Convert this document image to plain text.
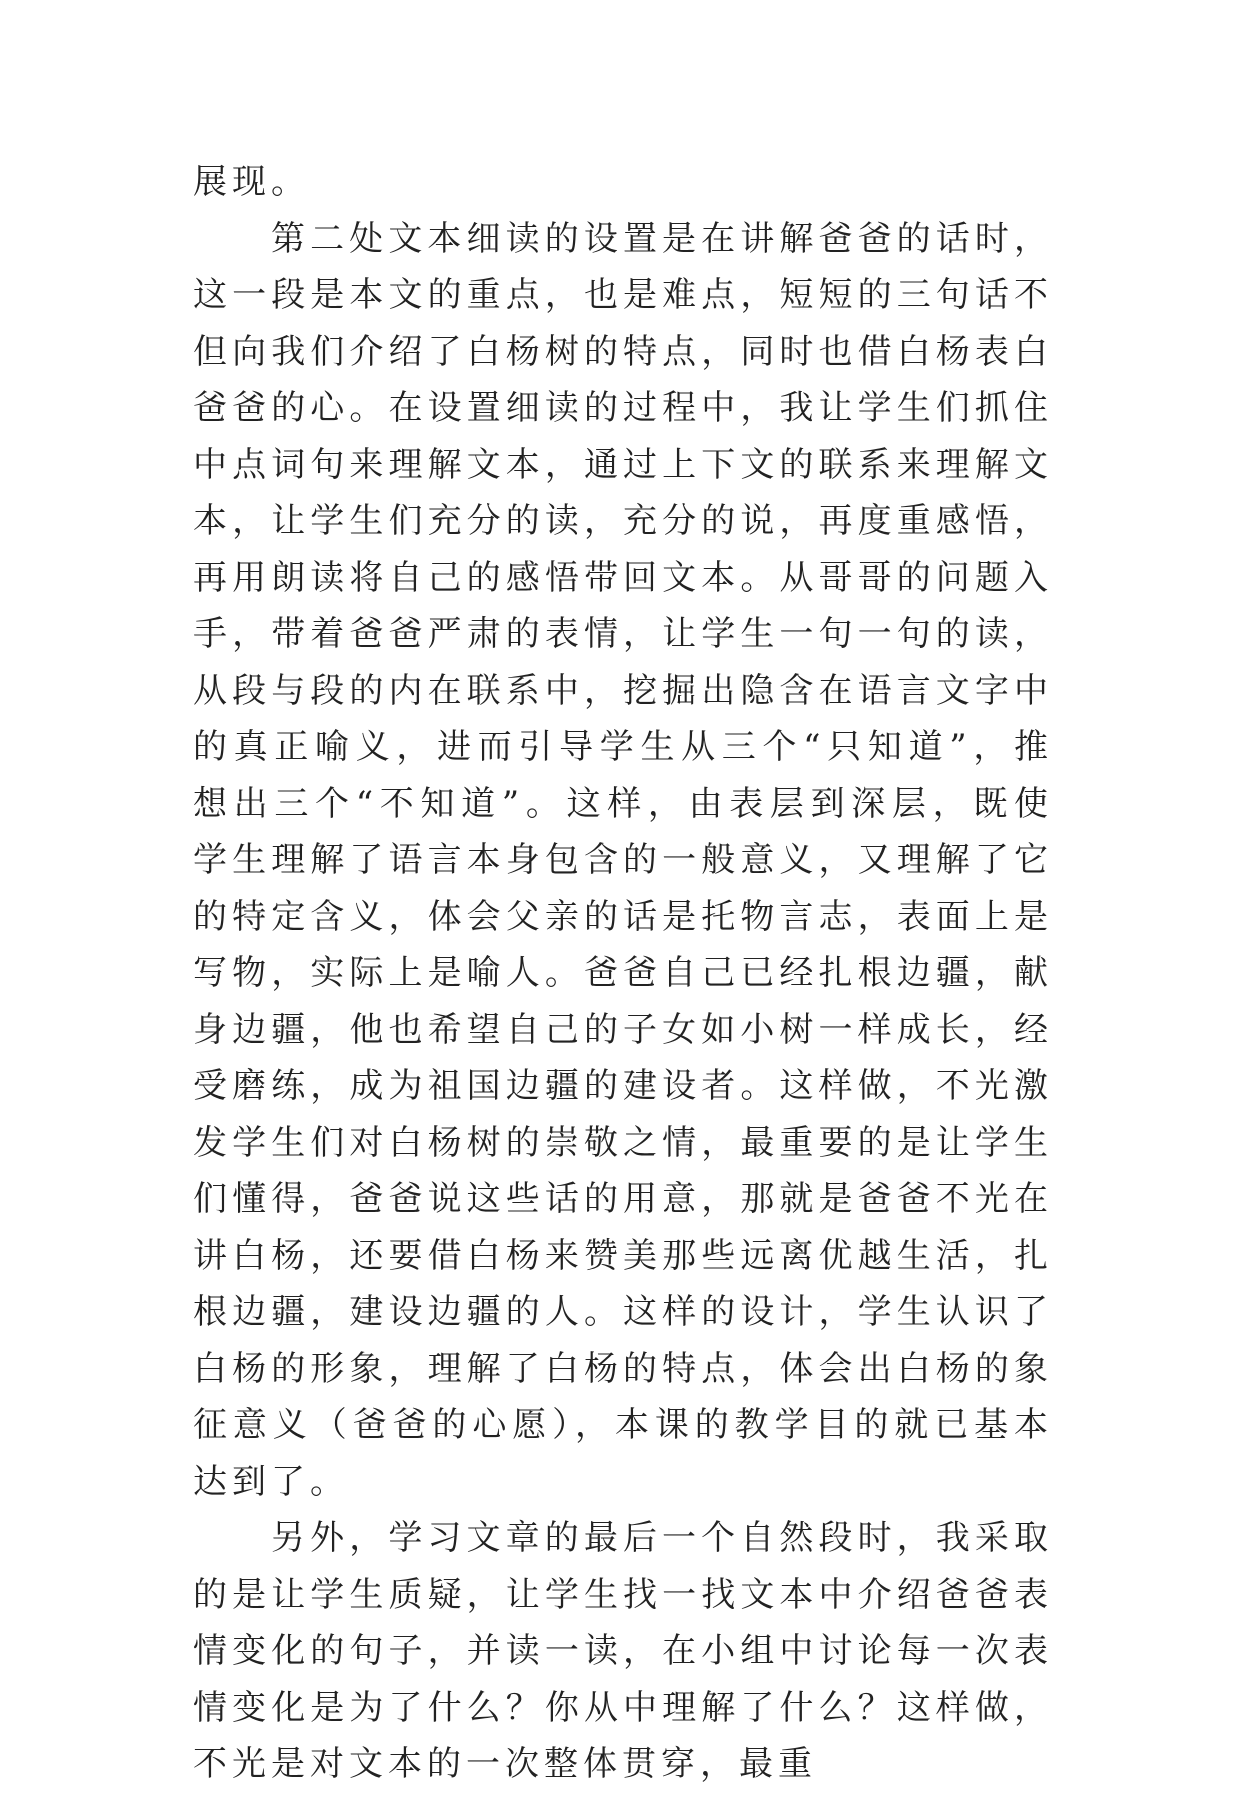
展现。

第二处文本细读的设置是在讲解爸爸的话时，这一段是本文的重点，也是难点，短短的三句话不但向我们介绍了白杨树的特点，同时也借白杨表白爸爸的心。在设置细读的过程中，我让学生们抓住中点词句来理解文本，通过上下文的联系来理解文本，让学生们充分的读，充分的说，再度重感悟，再用朗读将自己的感悟带回文本。从哥哥的问题入手，带着爸爸严肃的表情，让学生一句一句的读，从段与段的内在联系中，挖掘出隐含在语言文字中的真正喻义，进而引导学生从三个“只知道”，推想出三个“不知道”。这样，由表层到深层，既使学生理解了语言本身包含的一般意义，又理解了它的特定含义，体会父亲的话是托物言志，表面上是写物，实际上是喻人。爸爸自己已经扎根边疆，献身边疆，他也希望自己的子女如小树一样成长，经受磨练，成为祖国边疆的建设者。这样做，不光激发学生们对白杨树的崇敬之情，最重要的是让学生们懂得，爸爸说这些话的用意，那就是爸爸不光在讲白杨，还要借白杨来赞美那些远离优越生活，扎根边疆，建设边疆的人。这样的设计，学生认识了白杨的形象，理解了白杨的特点，体会出白杨的象征意义（爸爸的心愿），本课的教学目的就已基本达到了。

另外，学习文章的最后一个自然段时，我采取的是让学生质疑，让学生找一找文本中介绍爸爸表情变化的句子，并读一读，在小组中讨论每一次表情变化是为了什么？你从中理解了什么？这样做，不光是对文本的一次整体贯穿，最重
